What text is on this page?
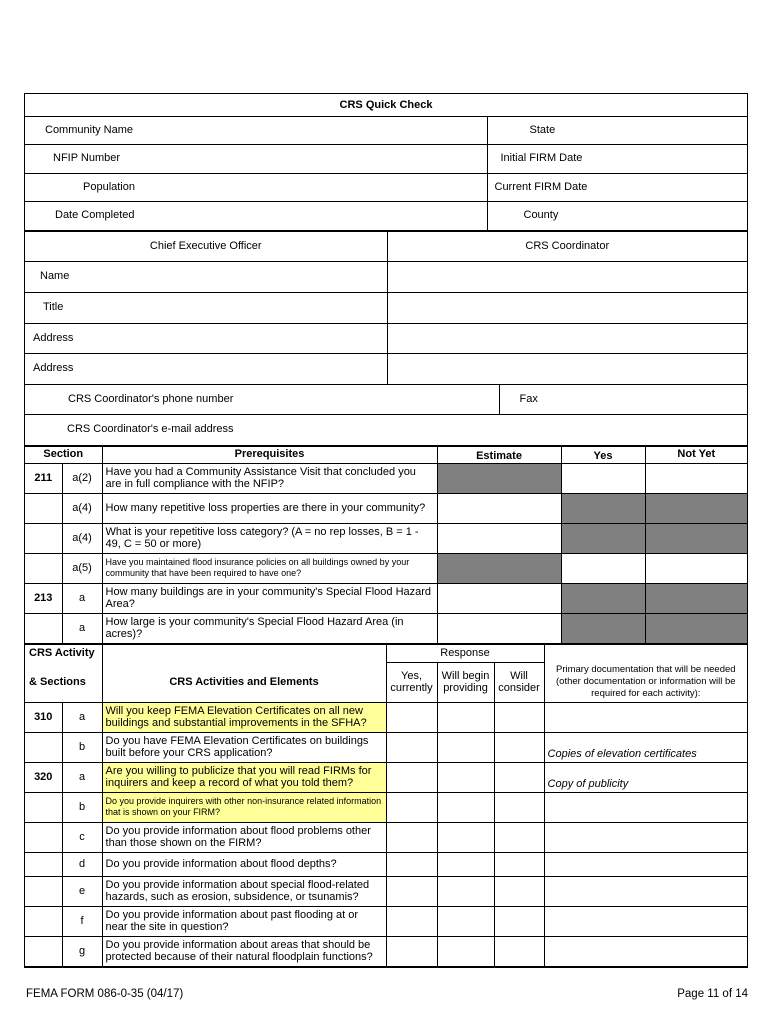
CRS Quick Check	
Community Name	State
NFIP Number	Initial FIRM Date
Population	Current FIRM Date
Date Completed	County
Chief Executive Officer	CRS Coordinator	
Name		
Title		
Address		
Address		
CRS Coordinator's phone number		Fax
CRS Coordinator's e-mail address		
Section		Prerequisites	Estimate	Yes	Not Yet
211	a(2)	Have you had a Community Assistance Visit that concluded you are in full compliance with the NFIP?			
	a(4)	How many repetitive loss properties are there in your community?			
	a(4)	What is your repetitive loss category? (A = no rep losses, B = 1 - 49, C = 50 or more)			
	a(5)	Have you maintained flood insurance policies on all buildings owned by your community that have been required to have one?			
213	a	How many buildings are in your community's Special Flood Hazard Area?			
	a	How large is your community's Special Flood Hazard Area (in acres)?			
CRS Activity			Response			
& Sections		CRS Activities and Elements	Yes, currently	Will begin providing	Will consider	Primary documentation that will be needed (other documentation or information will be required for each activity):
310	a	Will you keep FEMA Elevation Certificates on all new buildings and substantial improvements in the SFHA?				
	b	Do you have FEMA Elevation Certificates on buildings built before your CRS application?				Copies of elevation certificates
320	a	Are you willing to publicize that you will read FIRMs for inquirers and keep a record of what you told them?				Copy of publicity
	b	Do you provide inquirers with other non-insurance related information that is shown on your FIRM?				
	c	Do you provide information about flood problems other than those shown on the FIRM?				
	d	Do you provide information about flood depths?				
	e	Do you provide information about special flood-related hazards, such as erosion, subsidence, or tsunamis?				
	f	Do you provide information about past flooding at or near the site in question?				
	g	Do you provide information about areas that should be protected because of their natural floodplain functions?				
FEMA FORM 086-0-35 (04/17)	Page 11 of 14
